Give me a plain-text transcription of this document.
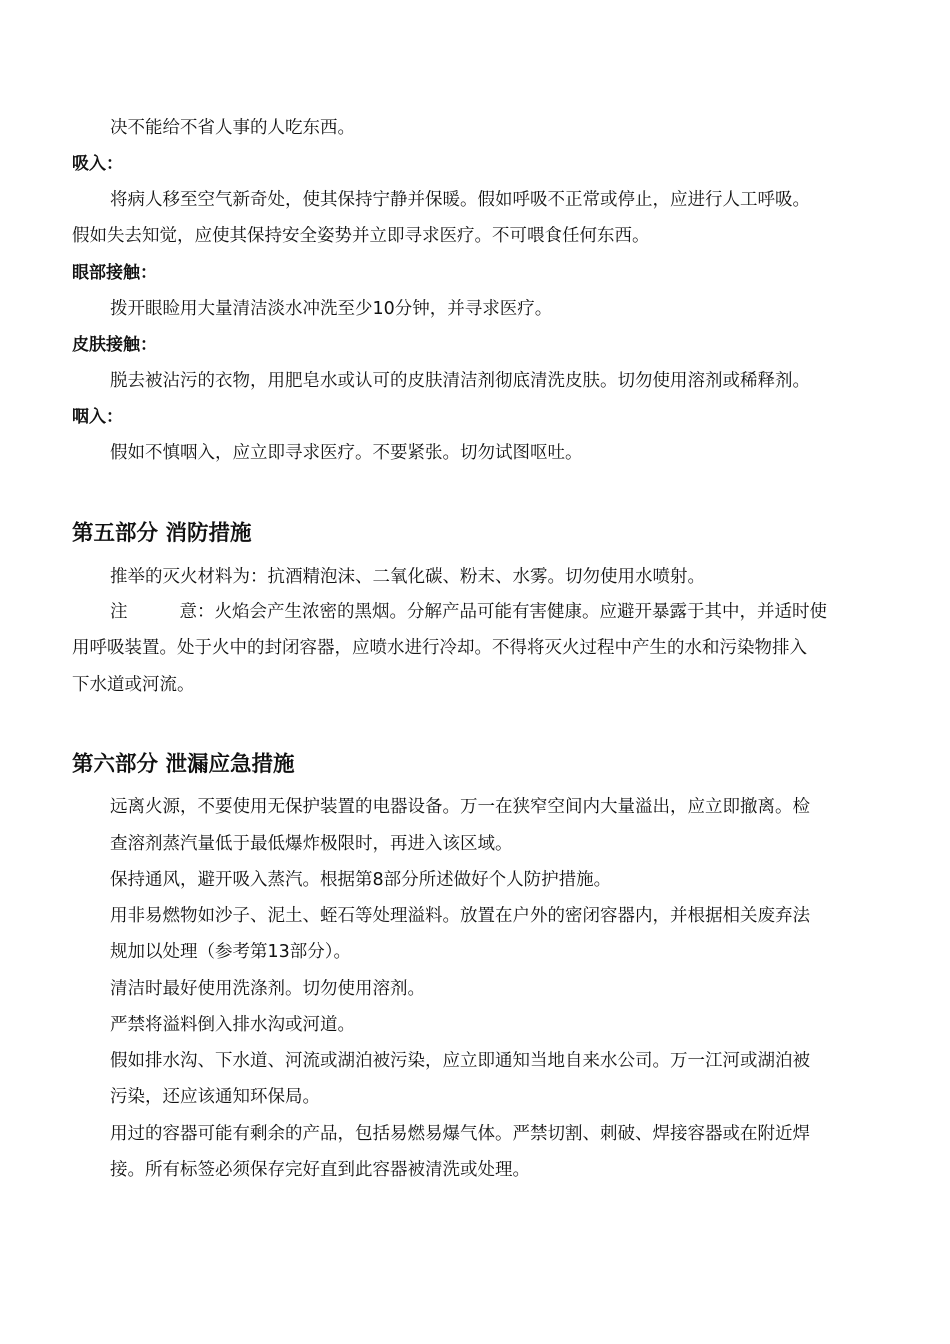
决不能给不省人事的人吃东西。
吸入：
将病人移至空气新奇处，使其保持宁静并保暖。假如呼吸不正常或停止，应进行人工呼吸。
假如失去知觉，应使其保持安全姿势并立即寻求医疗。不可喂食任何东西。
眼部接触：
拨开眼睑用大量清洁淡水冲洗至少10分钟，并寻求医疗。
皮肤接触：
脱去被沾污的衣物，用肥皂水或认可的皮肤清洁剂彻底清洗皮肤。切勿使用溶剂或稀释剂。
咽入：
假如不慎咽入，应立即寻求医疗。不要紧张。切勿试图呕吐。
第五部分 消防措施
推举的灭火材料为：抗酒精泡沫、二氧化碳、粉末、水雾。切勿使用水喷射。
注	意：火焰会产生浓密的黑烟。分解产品可能有害健康。应避开暴露于其中，并适时使
用呼吸装置。处于火中的封闭容器，应喷水进行冷却。不得将灭火过程中产生的水和污染物排入
下水道或河流。
第六部分 泄漏应急措施
远离火源，不要使用无保护装置的电器设备。万一在狭窄空间内大量溢出，应立即撤离。检
查溶剂蒸汽量低于最低爆炸极限时，再进入该区域。
保持通风，避开吸入蒸汽。根据第8部分所述做好个人防护措施。
用非易燃物如沙子、泥土、蛭石等处理溢料。放置在户外的密闭容器内，并根据相关废弃法
规加以处理（参考第13部分）。
清洁时最好使用洗涤剂。切勿使用溶剂。
严禁将溢料倒入排水沟或河道。
假如排水沟、下水道、河流或湖泊被污染，应立即通知当地自来水公司。万一江河或湖泊被
污染，还应该通知环保局。
用过的容器可能有剩余的产品，包括易燃易爆气体。严禁切割、刺破、焊接容器或在附近焊
接。所有标签必须保存完好直到此容器被清洗或处理。
